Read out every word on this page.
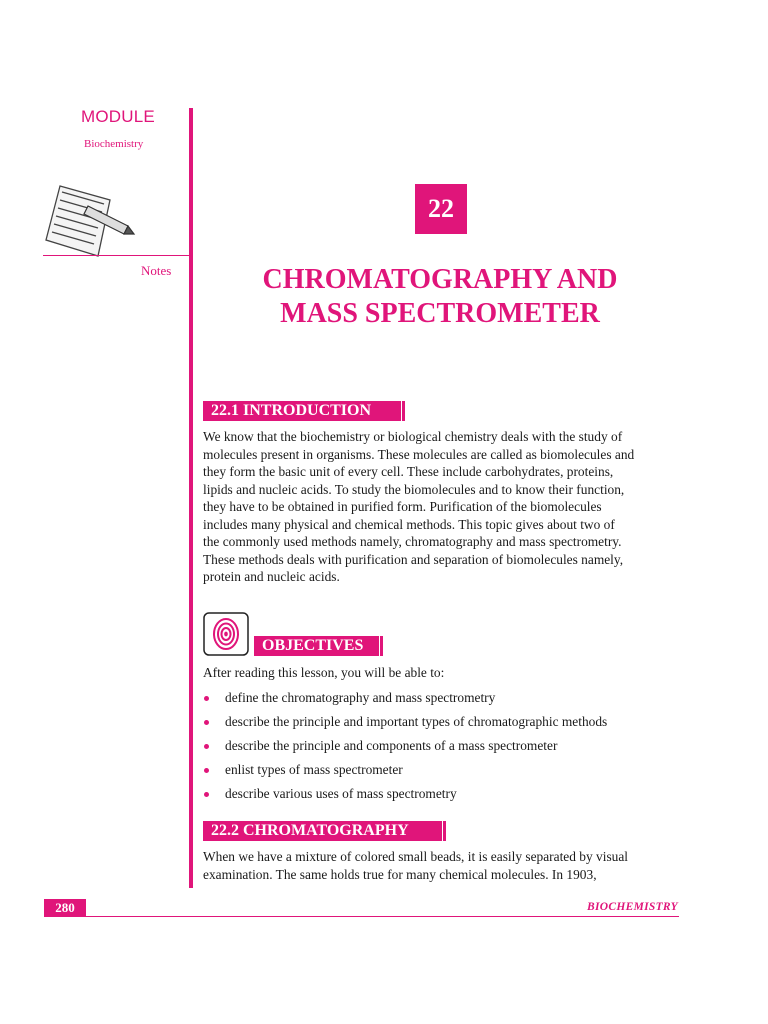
MODULE
Biochemistry
Notes
22
CHROMATOGRAPHY AND
MASS SPECTROMETER
22.1 INTRODUCTION
We know that the biochemistry or biological chemistry deals with the study of
molecules present in organisms. These molecules are called as biomolecules and
they form the basic unit of every cell. These include carbohydrates, proteins,
lipids and nucleic acids. To study the biomolecules and to know their function,
they have to be obtained in purified form. Purification of the biomolecules
includes many physical and chemical methods. This topic gives about two of
the commonly used methods namely, chromatography and mass spectrometry.
These methods deals with purification and separation of biomolecules namely,
protein and nucleic acids.
OBJECTIVES
After reading this lesson, you will be able to:
define the chromatography and mass spectrometry
describe the principle and important types of chromatographic methods
describe the principle and components of a mass spectrometer
enlist types of mass spectrometer
describe various uses of mass spectrometry
22.2 CHROMATOGRAPHY
When we have a mixture of colored small beads, it is easily separated by visual
examination. The same holds true for many chemical molecules. In 1903,
280	BIOCHEMISTRY
